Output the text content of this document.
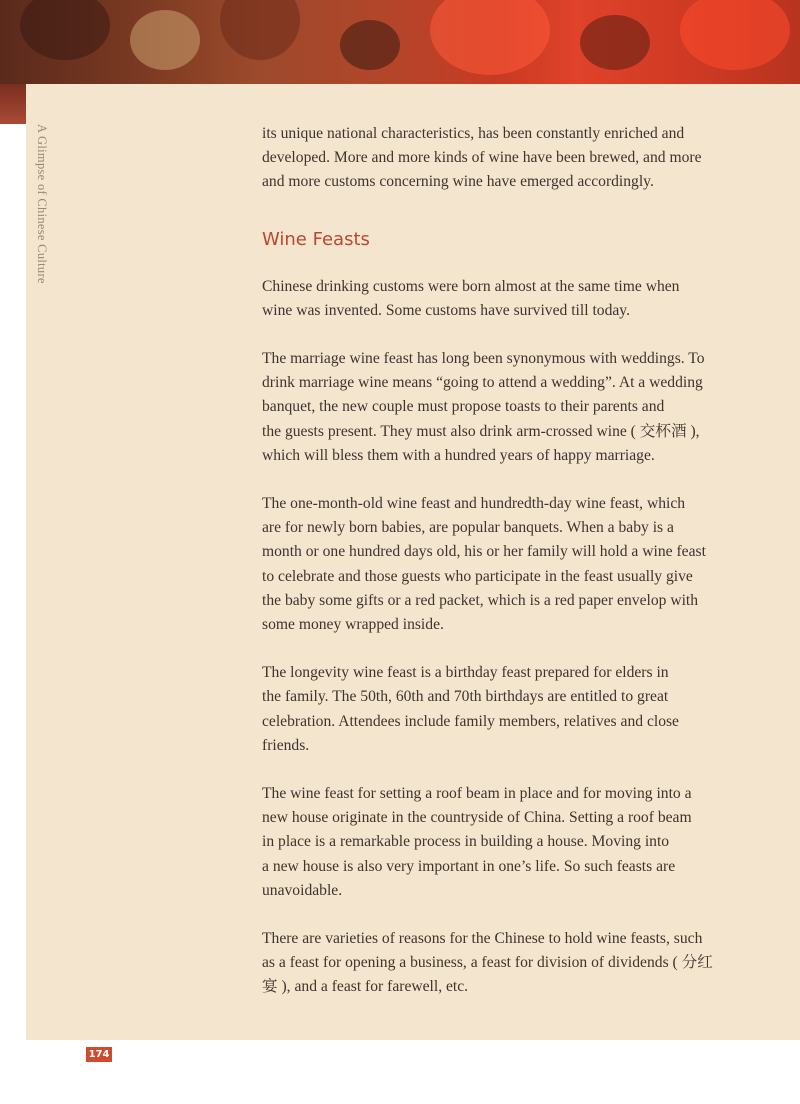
A Glimpse of Chinese Culture	its unique national characteristics, has been constantly enriched and

developed. More and more kinds of wine have been brewed, and more

and more customs concerning wine have emerged accordingly.

Wine Feasts

Chinese drinking customs were born almost at the same time when

wine was invented. Some customs have survived till today.

The marriage wine feast has long been synonymous with weddings. To

drink marriage wine means “going to attend a wedding”. At a wedding

banquet, the new couple must propose toasts to their parents and

the guests present. They must also drink arm-crossed wine ( 交杯酒 ),

which will bless them with a hundred years of happy marriage.

The one-month-old wine feast and hundredth-day wine feast, which

are for newly born babies, are popular banquets. When a baby is a

month or one hundred days old, his or her family will hold a wine feast

to celebrate and those guests who participate in the feast usually give

the baby some gifts or a red packet, which is a red paper envelop with

some money wrapped inside.

The longevity wine feast is a birthday feast prepared for elders in

the family. The 50th, 60th and 70th birthdays are entitled to great

celebration. Attendees include family members, relatives and close

friends.

The wine feast for setting a roof beam in place and for moving into a

new house originate in the countryside of China. Setting a roof beam

in place is a remarkable process in building a house. Moving into

a new house is also very important in one’s life. So such feasts are

unavoidable.

There are varieties of reasons for the Chinese to hold wine feasts, such

as a feast for opening a business, a feast for division of dividends ( 分红

宴 ), and a feast for farewell, etc.

174
